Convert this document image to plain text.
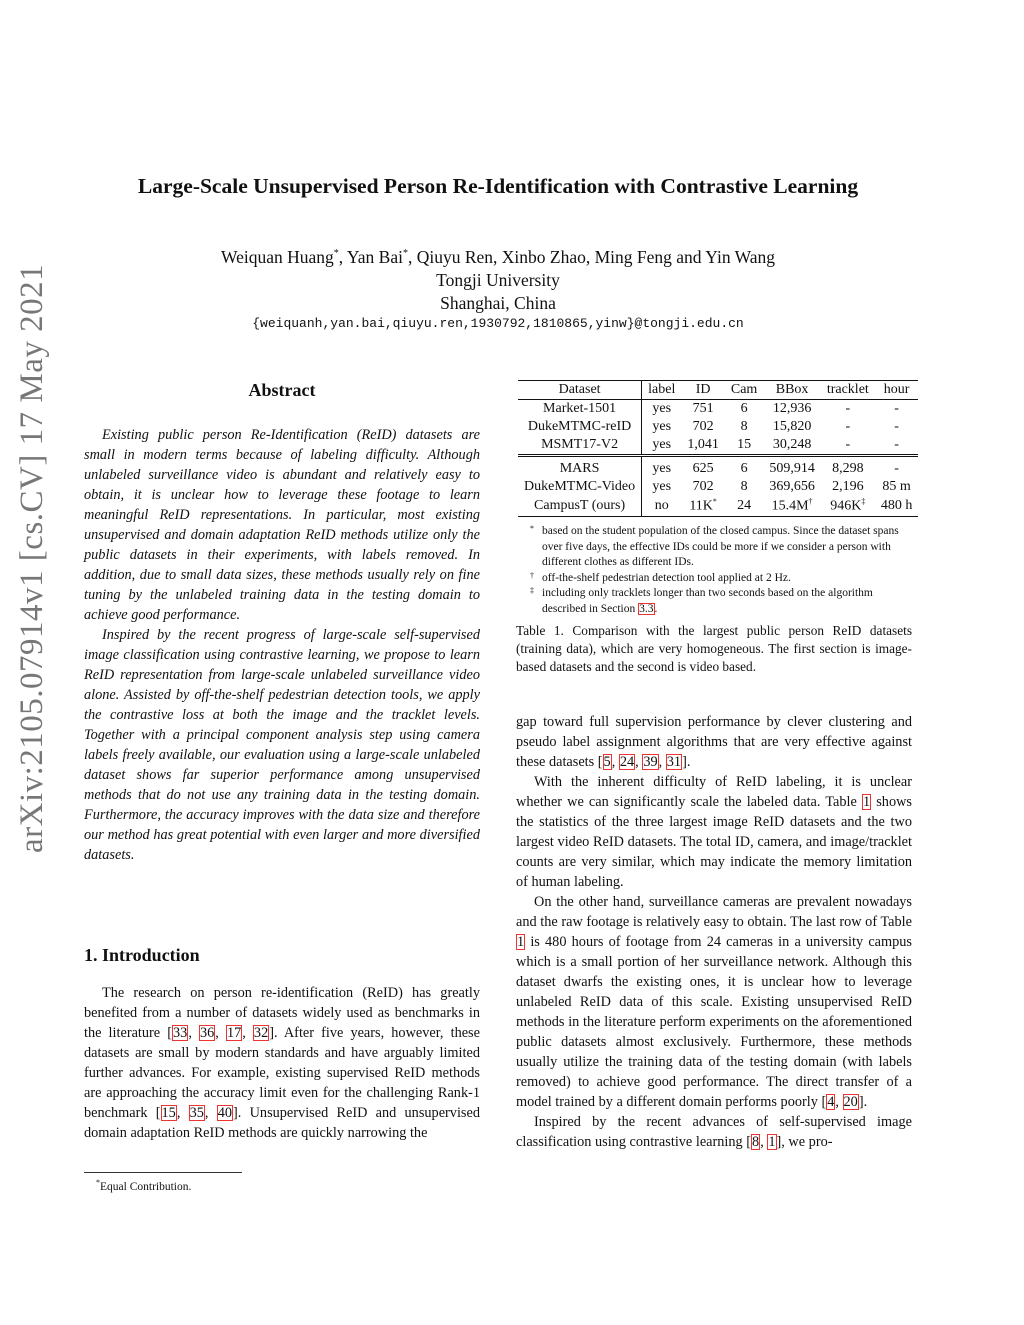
arXiv:2105.07914v1 [cs.CV] 17 May 2021
Large-Scale Unsupervised Person Re-Identification with Contrastive Learning
Weiquan Huang*, Yan Bai*, Qiuyu Ren, Xinbo Zhao, Ming Feng and Yin Wang
Tongji University
Shanghai, China
{weiquanh,yan.bai,qiuyu.ren,1930792,1810865,yinw}@tongji.edu.cn
Abstract

Existing public person Re-Identification (ReID) datasets are small in modern terms because of labeling difficulty. Although unlabeled surveillance video is abundant and relatively easy to obtain, it is unclear how to leverage these footage to learn meaningful ReID representations. In particular, most existing unsupervised and domain adaptation ReID methods utilize only the public datasets in their experiments, with labels removed. In addition, due to small data sizes, these methods usually rely on fine tuning by the unlabeled training data in the testing domain to achieve good performance.

Inspired by the recent progress of large-scale self-supervised image classification using contrastive learning, we propose to learn ReID representation from large-scale unlabeled surveillance video alone. Assisted by off-the-shelf pedestrian detection tools, we apply the contrastive loss at both the image and the tracklet levels. Together with a principal component analysis step using camera labels freely available, our evaluation using a large-scale unlabeled dataset shows far superior performance among unsupervised methods that do not use any training data in the testing domain. Furthermore, the accuracy improves with the data size and therefore our method has great potential with even larger and more diversified datasets.

1. Introduction

The research on person re-identification (ReID) has greatly benefited from a number of datasets widely used as benchmarks in the literature [33, 36, 17, 32]. After five years, however, these datasets are small by modern standards and have arguably limited further advances. For example, existing supervised ReID methods are approaching the accuracy limit even for the challenging Rank-1 benchmark [15, 35, 40]. Unsupervised ReID and unsupervised domain adaptation ReID methods are quickly narrowing the

*Equal Contribution.
Dataset	label	ID	Cam	BBox	tracklet	hour
Market-1501	yes	751	6	12,936	-	-
DukeMTMC-reID	yes	702	8	15,820	-	-
MSMT17-V2	yes	1,041	15	30,248	-	-
MARS	yes	625	6	509,914	8,298	-
DukeMTMC-Video	yes	702	8	369,656	2,196	85 m
CampusT (ours)	no	11K*	24	15.4M†	946K‡	480 h

* based on the student population of the closed campus. Since the dataset spans over five days, the effective IDs could be more if we consider a person with different clothes as different IDs.

† off-the-shelf pedestrian detection tool applied at 2 Hz.

‡ including only tracklets longer than two seconds based on the algorithm described in Section 3.3.

Table 1. Comparison with the largest public person ReID datasets (training data), which are very homogeneous. The first section is image-based datasets and the second is video based.

gap toward full supervision performance by clever clustering and pseudo label assignment algorithms that are very effective against these datasets [5, 24, 39, 31].

With the inherent difficulty of ReID labeling, it is unclear whether we can significantly scale the labeled data. Table 1 shows the statistics of the three largest image ReID datasets and the two largest video ReID datasets. The total ID, camera, and image/tracklet counts are very similar, which may indicate the memory limitation of human labeling.

On the other hand, surveillance cameras are prevalent nowadays and the raw footage is relatively easy to obtain. The last row of Table 1 is 480 hours of footage from 24 cameras in a university campus which is a small portion of her surveillance network. Although this dataset dwarfs the existing ones, it is unclear how to leverage unlabeled ReID data of this scale. Existing unsupervised ReID methods in the literature perform experiments on the aforementioned public datasets almost exclusively. Furthermore, these methods usually utilize the training data of the testing domain (with labels removed) to achieve good performance. The direct transfer of a model trained by a different domain performs poorly [4, 20].

Inspired by the recent advances of self-supervised image classification using contrastive learning [8, 1], we pro-
